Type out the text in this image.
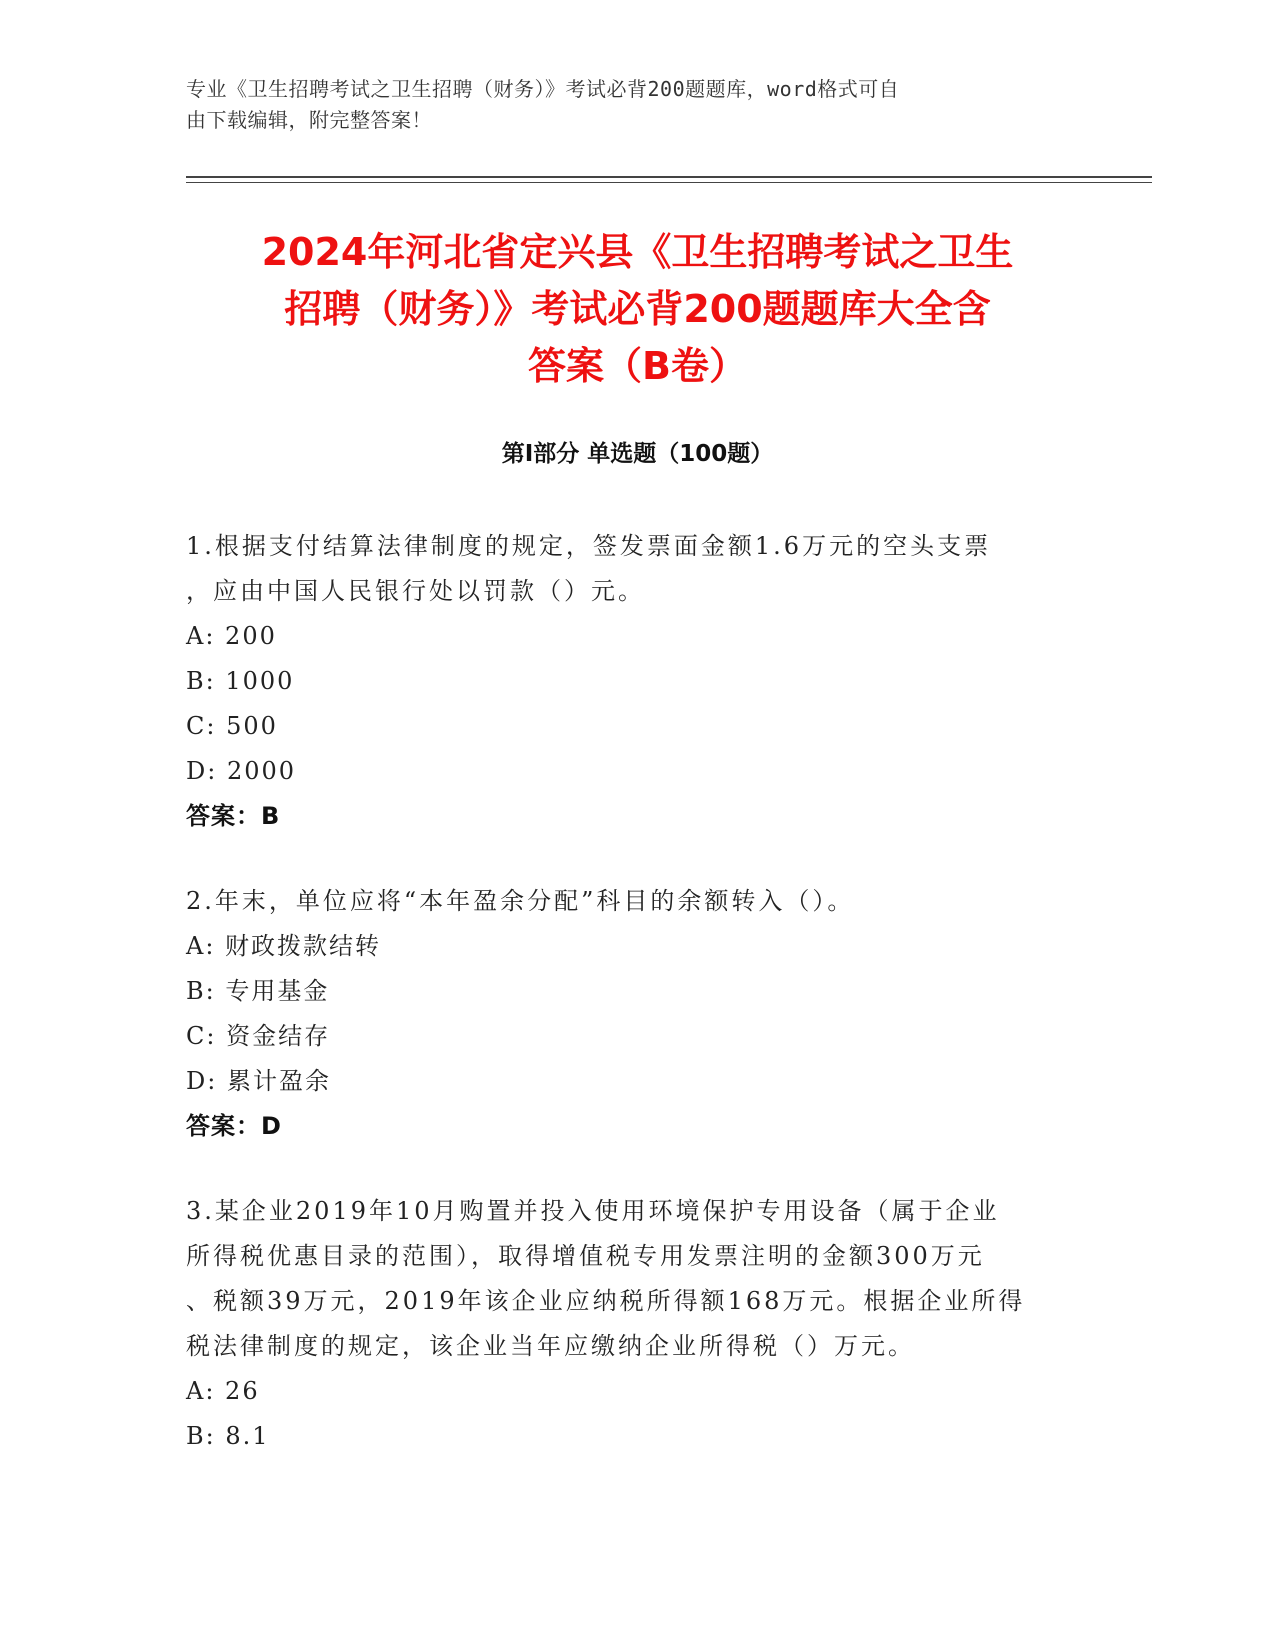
专业《卫生招聘考试之卫生招聘（财务）》考试必背200题题库，word格式可自
由下载编辑，附完整答案！
2024年河北省定兴县《卫生招聘考试之卫生
招聘（财务）》考试必背200题题库大全含
答案（B卷）
第Ⅰ部分 单选题（100题）

1.根据支付结算法律制度的规定，签发票面金额1.6万元的空头支票

，应由中国人民银行处以罚款（）元。

A: 200

B: 1000

C: 500

D: 2000

答案：B

2.年末，单位应将“本年盈余分配”科目的余额转入（）。

A: 财政拨款结转

B: 专用基金

C: 资金结存

D: 累计盈余

答案：D

3.某企业2019年10月购置并投入使用环境保护专用设备（属于企业

所得税优惠目录的范围），取得增值税专用发票注明的金额300万元

、税额39万元，2019年该企业应纳税所得额168万元。根据企业所得

税法律制度的规定，该企业当年应缴纳企业所得税（）万元。

A: 26

B: 8.1
